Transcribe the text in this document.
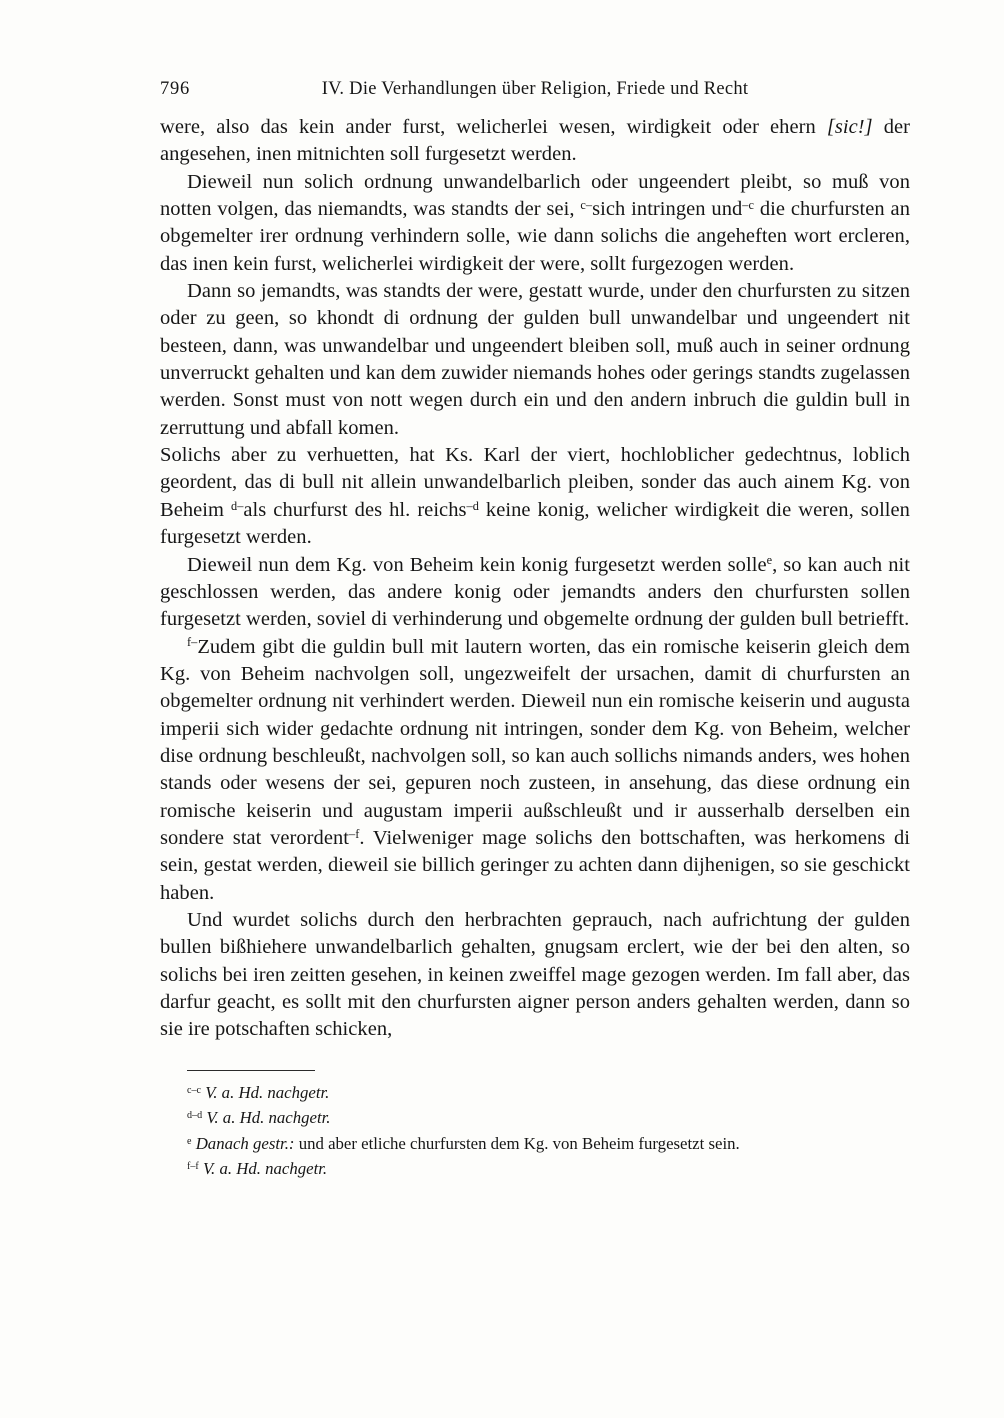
796	IV. Die Verhandlungen über Religion, Friede und Recht

were, also das kein ander furst, welicherlei wesen, wirdigkeit oder ehern [sic!] der angesehen, inen mitnichten soll furgesetzt werden.

Dieweil nun solich ordnung unwandelbarlich oder ungeendert pleibt, so muß von notten volgen, das niemandts, was standts der sei, $^{c-}$sich intringen und$^{-c}$ die churfursten an obgemelter irer ordnung verhindern solle, wie dann solichs die angeheften wort ercleren, das inen kein furst, welicherlei wirdigkeit der were, sollt furgezogen werden.

Dann so jemandts, was standts der were, gestatt wurde, under den churfursten zu sitzen oder zu geen, so khondt di ordnung der gulden bull unwandelbar und ungeendert nit besteen, dann, was unwandelbar und ungeendert bleiben soll, muß auch in seiner ordnung unverruckt gehalten und kan dem zuwider niemands hohes oder gerings standts zugelassen werden. Sonst must von nott wegen durch ein und den andern inbruch die guldin bull in zerruttung und abfall komen.

Solichs aber zu verhuetten, hat Ks. Karl der viert, hochloblicher gedechtnus, loblich geordent, das di bull nit allein unwandelbarlich pleiben, sonder das auch ainem Kg. von Beheim $^{d-}$als churfurst des hl. reichs$^{-d}$ keine konig, welicher wirdigkeit die weren, sollen furgesetzt werden.

Dieweil nun dem Kg. von Beheim kein konig furgesetzt werden solle$^e$, so kan auch nit geschlossen werden, das andere konig oder jemandts anders den churfursten sollen furgesetzt werden, soviel di verhinderung und obgemelte ordnung der gulden bull betriefft.

$^{f-}$Zudem gibt die guldin bull mit lautern worten, das ein romische keiserin gleich dem Kg. von Beheim nachvolgen soll, ungezweifelt der ursachen, damit di churfursten an obgemelter ordnung nit verhindert werden. Dieweil nun ein romische keiserin und augusta imperii sich wider gedachte ordnung nit intringen, sonder dem Kg. von Beheim, welcher dise ordnung beschleußt, nachvolgen soll, so kan auch sollichs nimands anders, wes hohen stands oder wesens der sei, gepuren noch zusteen, in ansehung, das diese ordnung ein romische keiserin und augustam imperii außschleußt und ir ausserhalb derselben ein sondere stat verordent$^{-f}$. Vielweniger mage solichs den bottschaften, was herkomens di sein, gestat werden, dieweil sie billich geringer zu achten dann dijhenigen, so sie geschickt haben.

Und wurdet solichs durch den herbrachten geprauch, nach aufrichtung der gulden bullen bißhiehere unwandelbarlich gehalten, gnugsam erclert, wie der bei den alten, so solichs bei iren zeitten gesehen, in keinen zweiffel mage gezogen werden. Im fall aber, das darfur geacht, es sollt mit den churfursten aigner person anders gehalten werden, dann so sie ire potschaften schicken,

$^{c-c}$ V. a. Hd. nachgetr.

$^{d-d}$ V. a. Hd. nachgetr.

$^e$ Danach gestr.: und aber etliche churfursten dem Kg. von Beheim furgesetzt sein.

$^{f-f}$ V. a. Hd. nachgetr.
